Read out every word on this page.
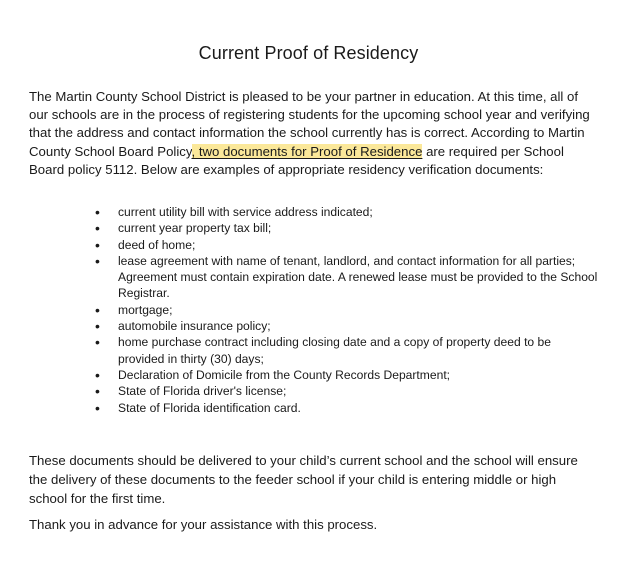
Current Proof of Residency

The Martin County School District is pleased to be your partner in education. At this time, all of our schools are in the process of registering students for the upcoming school year and verifying that the address and contact information the school currently has is correct. According to Martin County School Board Policy, two documents for Proof of Residence are required per School Board policy 5112. Below are examples of appropriate residency verification documents:

• current utility bill with service address indicated;
• current year property tax bill;
• deed of home;
• lease agreement with name of tenant, landlord, and contact information for all parties; Agreement must contain expiration date. A renewed lease must be provided to the School Registrar.
• mortgage;
• automobile insurance policy;
• home purchase contract including closing date and a copy of property deed to be provided in thirty (30) days;
• Declaration of Domicile from the County Records Department;
• State of Florida driver's license;
• State of Florida identification card.

These documents should be delivered to your child’s current school and the school will ensure the delivery of these documents to the feeder school if your child is entering middle or high school for the first time.

Thank you in advance for your assistance with this process.
